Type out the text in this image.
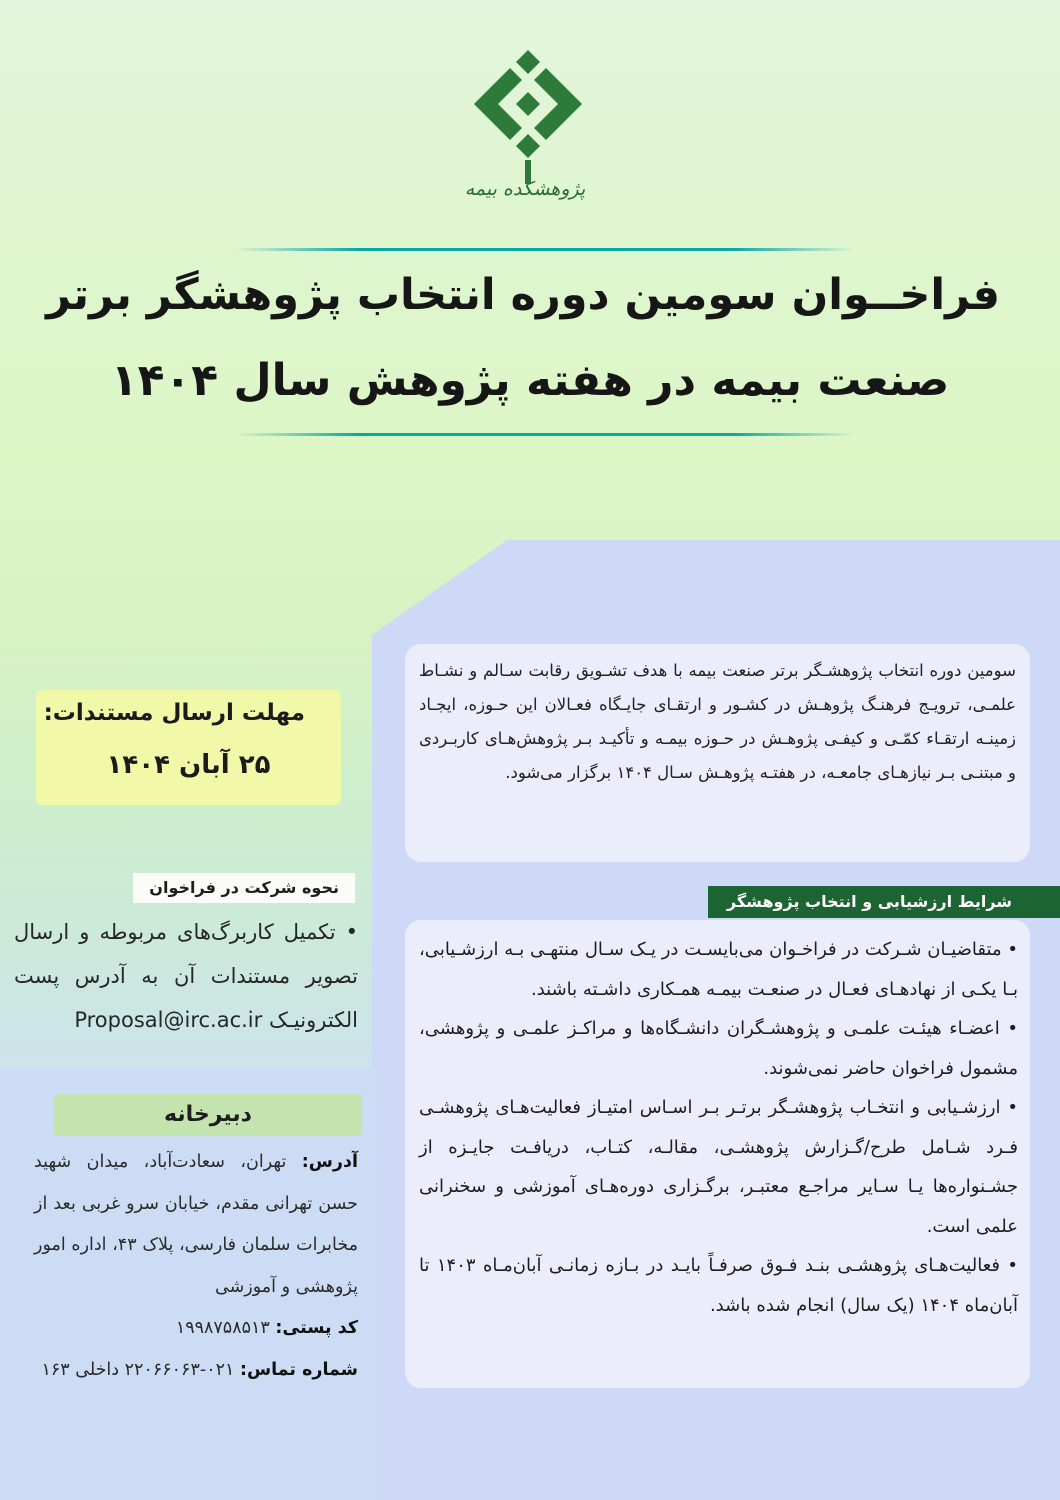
پژوهشکده بیمه
فراخــوان سومین دوره انتخاب پژوهشگر برتر
صنعت بیمه در هفته پژوهش سال ۱۴۰۴
سومین دوره انتخاب پژوهشـگر برتر صنعت بیمه با هدف تشـویق رقابت سـالم و نشـاط علمـی، ترویـج فرهنـگ پژوهـش در کشـور و ارتقـای جایـگاه فعـالان این حـوزه، ایجـاد زمینـه ارتقـاء کمّـی و کیفـی پژوهـش در حـوزه بیمـه و تأکیـد بـر پژوهش‌هـای کاربـردی و مبتنـی بـر نیازهـای جامعـه، در هفتـه پژوهـش سـال ۱۴۰۴ برگزار می‌شود.
شرایط ارزشیابی و انتخاب پژوهشگر

• متقاضیـان شـرکت در فراخـوان می‌بایسـت در یـک سـال منتهـی بـه ارزشـیابی، بـا یکـی از نهادهـای فعـال در صنعـت بیمـه همـکاری داشـته باشند.

• اعضـاء هیئـت علمـی و پژوهشـگران دانشـگاه‌ها و مراکـز علمـی و پژوهشی، مشمول فراخوان حاضر نمی‌شوند.

• ارزشـیابی و انتخـاب پژوهشـگر برتـر بـر اسـاس امتیـاز فعالیت‌هـای پژوهشـی فـرد شـامل طرح/گـزارش پژوهشـی، مقالـه، کتـاب، دریافـت جایـزه از جشـنواره‌ها یـا سـایر مراجـع معتبـر، برگـزاری دوره‌هـای آموزشی و سخنرانی علمی است.

• فعالیت‌هـای پژوهشـی بنـد فـوق صرفـاً بایـد در بـازه زمانـی آبان‌مـاه ۱۴۰۳ تا آبان‌ماه ۱۴۰۴ (یک سال) انجام شده باشد.

مهلت ارسال مستندات:
۲۵ آبان ۱۴۰۴
نحوه شرکت در فراخوان

• تکمیل کاربرگ‌های مربوطه و ارسال تصویر مستندات آن به آدرس پست الکترونیـک Proposal@irc.ac.ir

دبیرخانه

آدرس: تهران، سعادت‌آباد، میدان شهید حسن تهرانی مقدم، خیابان سرو غربی بعد از مخابرات سلمان فارسی، پلاک ۴۳، اداره امور پژوهشی و آموزشی

کد پستی: ۱۹۹۸۷۵۸۵۱۳

شماره تماس: ۰۲۱-۲۲۰۶۶۰۶۳ داخلی ۱۶۳
